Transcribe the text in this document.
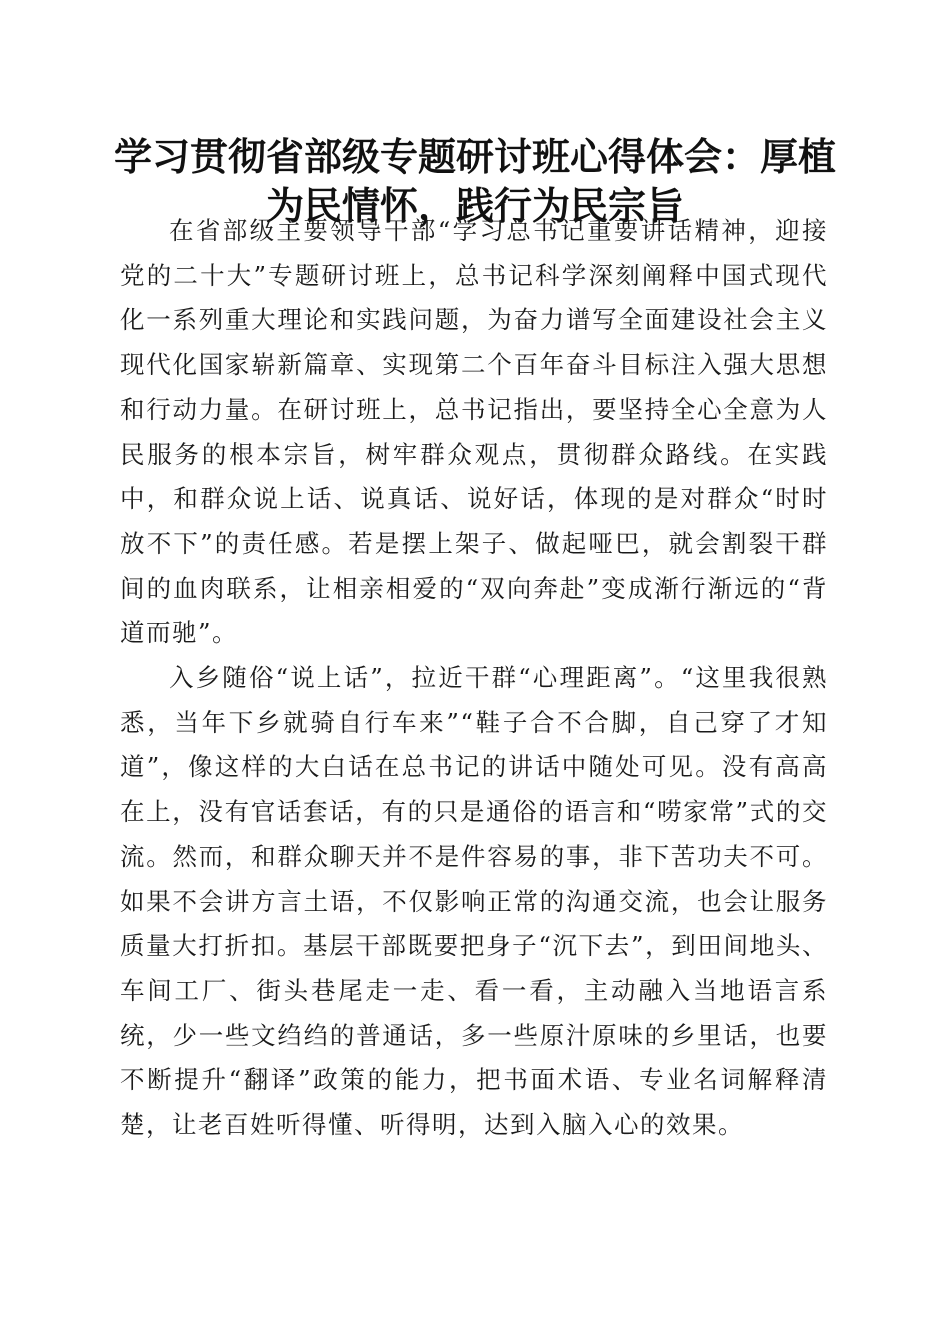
学习贯彻省部级专题研讨班心得体会：厚植为民情怀，践行为民宗旨

在省部级主要领导干部“学习总书记重要讲话精神，迎接党的二十大”专题研讨班上，总书记科学深刻阐释中国式现代化一系列重大理论和实践问题，为奋力谱写全面建设社会主义现代化国家崭新篇章、实现第二个百年奋斗目标注入强大思想和行动力量。在研讨班上，总书记指出，要坚持全心全意为人民服务的根本宗旨，树牢群众观点，贯彻群众路线。在实践中，和群众说上话、说真话、说好话，体现的是对群众“时时放不下”的责任感。若是摆上架子、做起哑巴，就会割裂干群间的血肉联系，让相亲相爱的“双向奔赴”变成渐行渐远的“背道而驰”。

入乡随俗“说上话”，拉近干群“心理距离”。“这里我很熟悉，当年下乡就骑自行车来”“鞋子合不合脚，自己穿了才知道”，像这样的大白话在总书记的讲话中随处可见。没有高高在上，没有官话套话，有的只是通俗的语言和“唠家常”式的交流。然而，和群众聊天并不是件容易的事，非下苦功夫不可。如果不会讲方言土语，不仅影响正常的沟通交流，也会让服务质量大打折扣。基层干部既要把身子“沉下去”，到田间地头、车间工厂、街头巷尾走一走、看一看，主动融入当地语言系统，少一些文绉绉的普通话，多一些原汁原味的乡里话，也要不断提升“翻译”政策的能力，把书面术语、专业名词解释清楚，让老百姓听得懂、听得明，达到入脑入心的效果。
